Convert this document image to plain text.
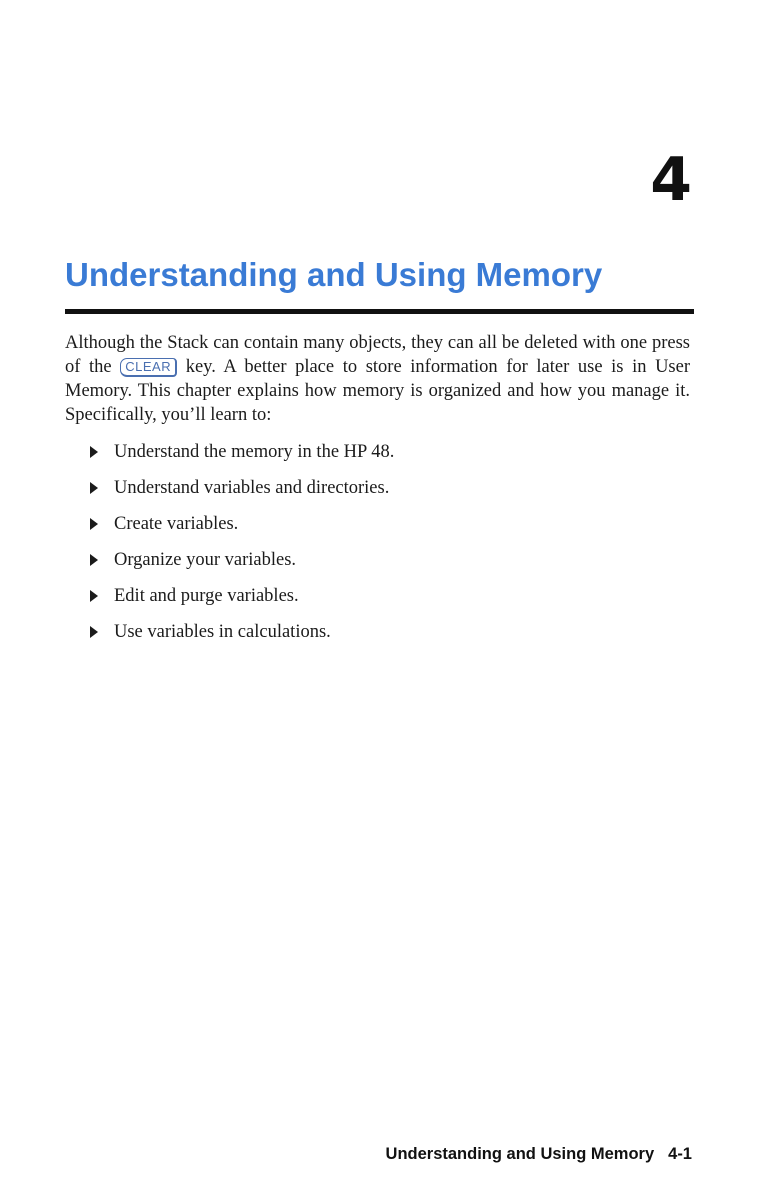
4
Understanding and Using Memory

Although the Stack can contain many objects, they can all be deleted with one press of the CLEAR key. A better place to store information for later use is in User Memory. This chapter explains how memory is organized and how you manage it. Specifically, you’ll learn to:

Understand the memory in the HP 48.
Understand variables and directories.
Create variables.
Organize your variables.
Edit and purge variables.
Use variables in calculations.
Understanding and Using Memory 4-1
